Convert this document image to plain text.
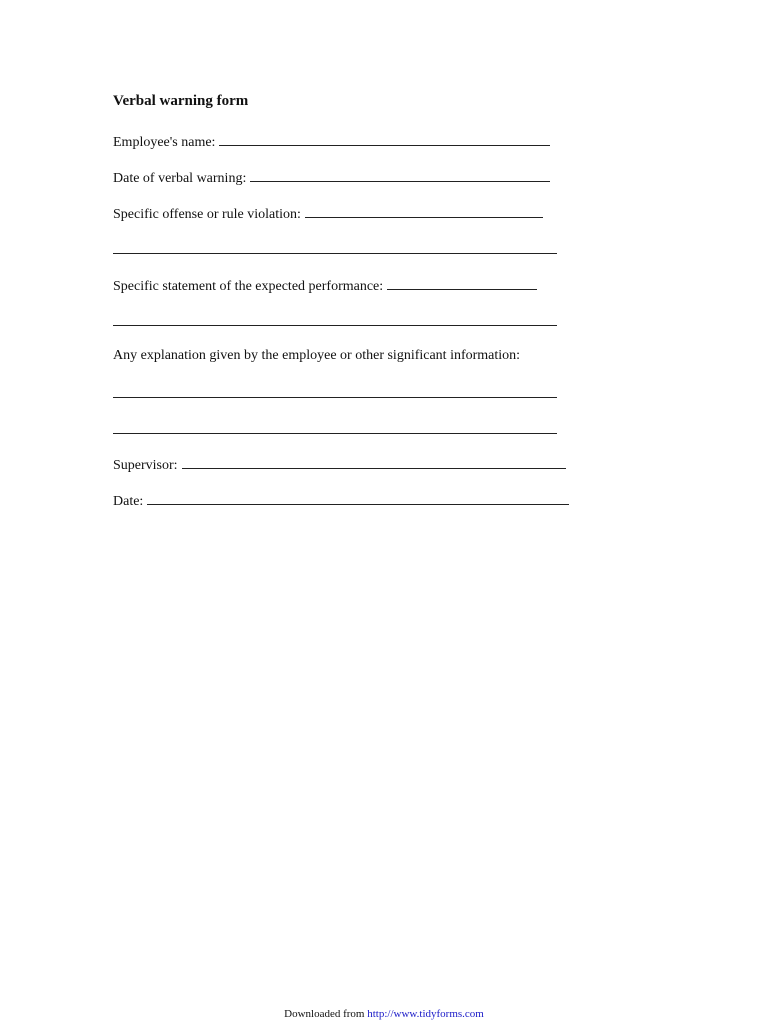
Verbal warning form
Employee's name:
Date of verbal warning:
Specific offense or rule violation:
Specific statement of the expected performance:
Any explanation given by the employee or other significant information:
Supervisor:
Date:
Downloaded from http://www.tidyforms.com
